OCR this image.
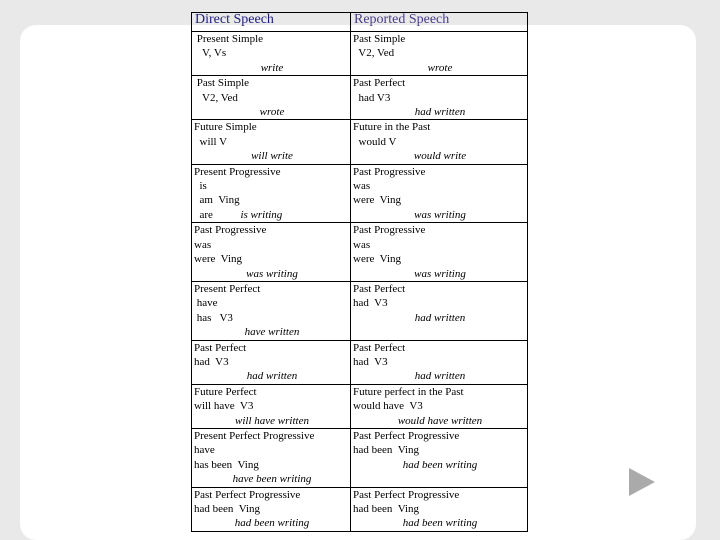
Direct Speech	Reported Speech

Present Simple
V, Vs
write	Past Simple
V2, Ved
wrote

Past Simple
V2, Ved
wrote	Past Perfect
had V3
had written

Future Simple
will V
will write	Future in the Past
would V
would write

Present Progressive
is
am  Ving
are          is writing	Past Progressive
was
were  Ving
was writing

Past Progressive
was
were  Ving
was writing	Past Progressive
was
were  Ving
was writing

Present Perfect
have
has   V3
have written	Past Perfect
had  V3
had written

Past Perfect
had  V3
had written	Past Perfect
had  V3
had written

Future Perfect
will have  V3
will have written	Future perfect in the Past
would have  V3
would have written

Present Perfect Progressive
have
has been  Ving
have been writing	Past Perfect Progressive
had been  Ving
had been writing

Past Perfect Progressive
had been  Ving
had been writing	Past Perfect Progressive
had been  Ving
had been writing
